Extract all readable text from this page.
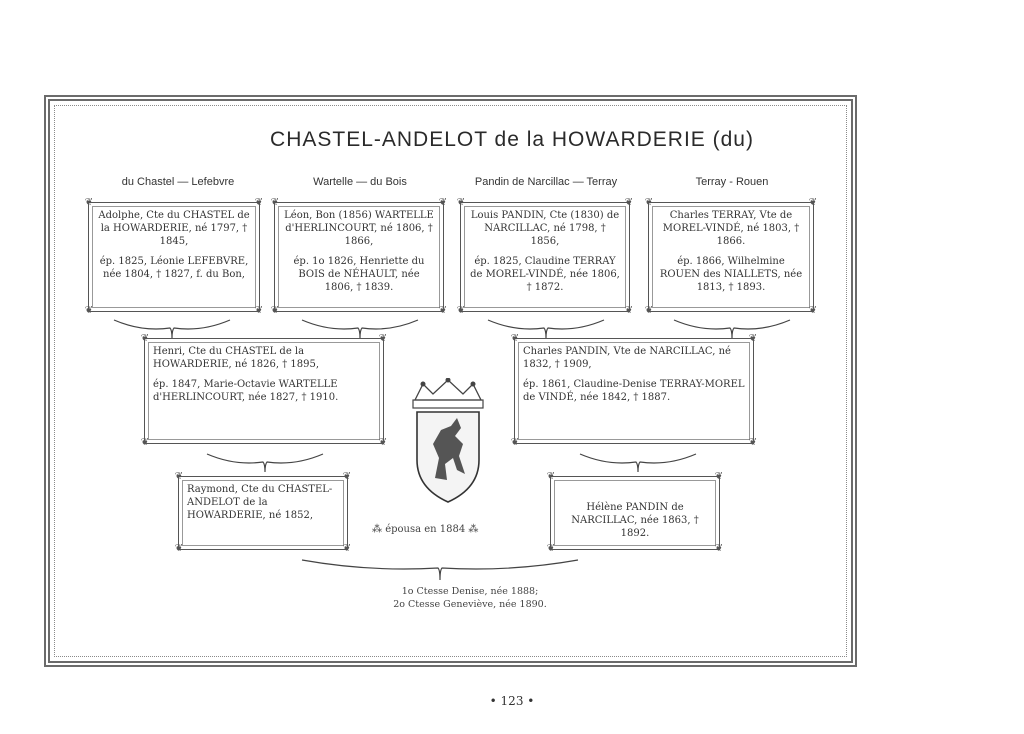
CHASTEL-ANDELOT de la HOWARDERIE (du)
du Chastel — Lefebvre	Wartelle — du Bois	Pandin de Narcillac — Terray	Terray - Rouen
❦	❦
❦	❦

Adolphe, Cte du CHASTEL de la HOWARDERIE, né 1797, † 1845,

ép. 1825, Léonie LEFEBVRE, née 1804, † 1827, f. du Bon,

❦	❦
❦	❦

Léon, Bon (1856) WARTELLE d'HERLINCOURT, né 1806, † 1866,

ép. 1o 1826, Henriette du BOIS de NÉHAULT, née 1806, † 1839.

❦	❦
❦	❦

Louis PANDIN, Cte (1830) de NARCILLAC, né 1798, † 1856,

ép. 1825, Claudine TERRAY de MOREL-VINDÉ, née 1806, † 1872.

❦	❦
❦	❦

Charles TERRAY, Vte de MOREL-VINDÉ, né 1803, † 1866.

ép. 1866, Wilhelmine ROUEN des NIALLETS, née 1813, † 1893.

❦	❦
❦	❦

Henri, Cte du CHASTEL de la HOWARDERIE, né 1826, † 1895,

ép. 1847, Marie-Octavie WARTELLE d'HERLINCOURT, née 1827, † 1910.

❦	❦
❦	❦

Charles PANDIN, Vte de NARCILLAC, né 1832, † 1909,

ép. 1861, Claudine-Denise TERRAY-MOREL de VINDÉ, née 1842, † 1887.

❦	❦
❦	❦

Raymond, Cte du CHASTEL-ANDELOT de la HOWARDERIE, né 1852,

❦	❦
❦	❦

Hélène PANDIN de NARCILLAC, née 1863, † 1892.

⁂ épousa en 1884 ⁂
1o Ctesse Denise, née 1888;
2o Ctesse Geneviève, née 1890.
• 123 •
